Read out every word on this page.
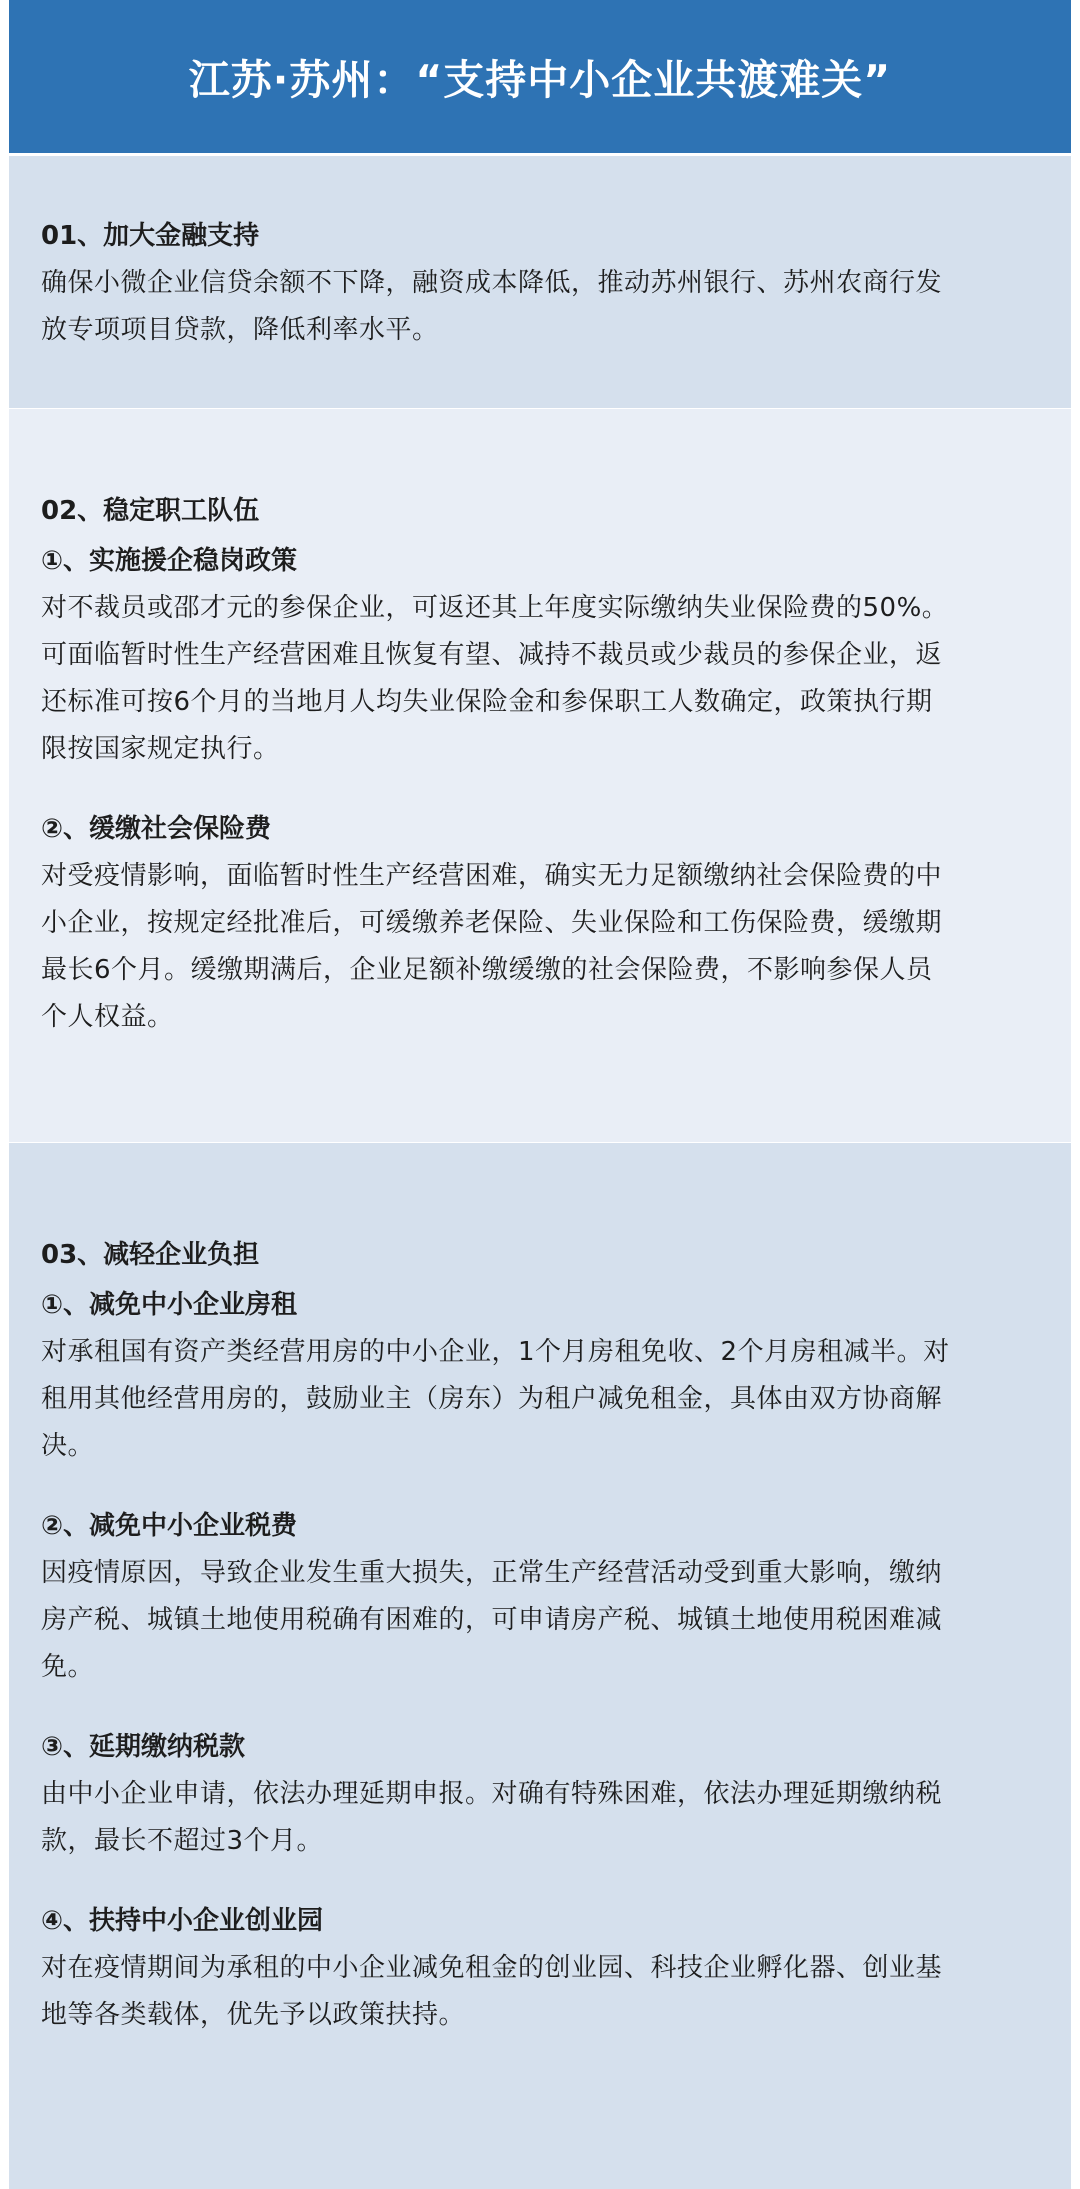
江苏·苏州：“支持中小企业共渡难关”
01、加大金融支持
确保小微企业信贷余额不下降，融资成本降低，推动苏州银行、苏州农商行发
放专项项目贷款，降低利率水平。
02、稳定职工队伍
①、实施援企稳岗政策
对不裁员或邵才元的参保企业，可返还其上年度实际缴纳失业保险费的50%。
可面临暂时性生产经营困难且恢复有望、减持不裁员或少裁员的参保企业，返
还标准可按6个月的当地月人均失业保险金和参保职工人数确定，政策执行期
限按国家规定执行。
②、缓缴社会保险费
对受疫情影响，面临暂时性生产经营困难，确实无力足额缴纳社会保险费的中
小企业，按规定经批准后，可缓缴养老保险、失业保险和工伤保险费，缓缴期
最长6个月。缓缴期满后，企业足额补缴缓缴的社会保险费，不影响参保人员
个人权益。
03、减轻企业负担
①、减免中小企业房租
对承租国有资产类经营用房的中小企业，1个月房租免收、2个月房租减半。对
租用其他经营用房的，鼓励业主（房东）为租户减免租金，具体由双方协商解
决。
②、减免中小企业税费
因疫情原因，导致企业发生重大损失，正常生产经营活动受到重大影响，缴纳
房产税、城镇土地使用税确有困难的，可申请房产税、城镇土地使用税困难减
免。
③、延期缴纳税款
由中小企业申请，依法办理延期申报。对确有特殊困难，依法办理延期缴纳税
款，最长不超过3个月。
④、扶持中小企业创业园
对在疫情期间为承租的中小企业减免租金的创业园、科技企业孵化器、创业基
地等各类载体，优先予以政策扶持。
